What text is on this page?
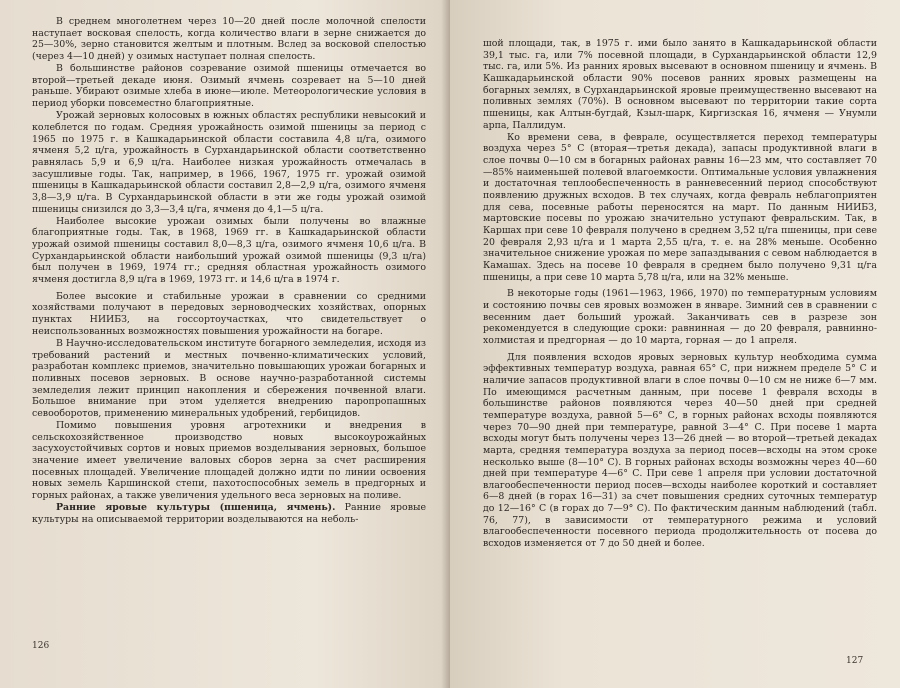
В среднем многолетнем через 10—20 дней после молочной спелости наступает восковая спелость, когда количество влаги в зерне снижается до 25—30%, зерно становится желтым и плотным. Вслед за восковой спелостью (через 4—10 дней) у озимых наступает полная спелость.

В большинстве районов созревание озимой пшеницы отмечается во второй—третьей декаде июня. Озимый ячмень созревает на 5—10 дней раньше. Убирают озимые хлеба в июне—июле. Метеорологические условия в период уборки повсеместно благоприятные.

Урожай зерновых колосовых в южных областях республики невысокий и колеблется по годам. Средняя урожайность озимой пшеницы за период с 1965 по 1975 г. в Кашкадарьинской области составила 4,8 ц/га, озимого ячменя 5,2 ц/га, урожайность в Сурхандарьинской области соответственно равнялась 5,9 и 6,9 ц/га. Наиболее низкая урожайность отмечалась в засушливые годы. Так, например, в 1966, 1967, 1975 гг. урожай озимой пшеницы в Кашкадарьинской области составил 2,8—2,9 ц/га, озимого ячменя 3,8—3,9 ц/га. В Сурхандарьинской области в эти же годы урожай озимой пшеницы снизился до 3,3—3,4 ц/га, ячменя до 4,1—5 ц/га.

Наиболее высокие урожаи озимых были получены во влажные благоприятные годы. Так, в 1968, 1969 гг. в Кашкадарьинской области урожай озимой пшеницы составил 8,0—8,3 ц/га, озимого ячменя 10,6 ц/га. В Сурхандарьинской области наибольший урожай озимой пшеницы (9,3 ц/га) был получен в 1969, 1974 гг.; средняя областная урожайность озимого ячменя достигла 8,9 ц/га в 1969, 1973 гг. и 14,6 ц/га в 1974 г.

Более высокие и стабильные урожаи в сравнении со средними хозяйствами получают в передовых зерноводческих хозяйствах, опорных пунктах НИИБЗ, на госсортоучастках, что свидетельствует о неиспользованных возможностях повышения урожайности на богаре.

В Научно-исследовательском институте богарного земледелия, исходя из требований растений и местных почвенно-климатических условий, разработан комплекс приемов, значительно повышающих урожаи богарных и поливных посевов зерновых. В основе научно-разработанной системы земледелия лежит принцип накопления и сбережения почвенной влаги. Большое внимание при этом уделяется внедрению паропропашных севооборотов, применению минеральных удобрений, гербицидов.

Помимо повышения уровня агротехники и внедрения в сельскохозяйственное производство новых высокоурожайных засухоустойчивых сортов и новых приемов возделывания зерновых, большое значение имеет увеличение валовых сборов зерна за счет расширения посевных площадей. Увеличение площадей должно идти по линии освоения новых земель Каршинской степи, пахотоспособных земель в предгорных и горных районах, а также увеличения удельного веса зерновых на поливе.

Ранние яровые культуры (пшеница, ячмень). Ранние яровые культуры на описываемой территории возделываются на неболь-

126

шой площади, так, в 1975 г. ими было занято в Кашкадарьинской области 39,1 тыс. га, или 7% посевной площади, в Сурхандарьинской области 12,9 тыс. га, или 5%. Из ранних яровых высевают в основном пшеницу и ячмень. В Кашкадарьинской области 90% посевов ранних яровых размещены на богарных землях, в Сурхандарьинской яровые преимущественно высевают на поливных землях (70%). В основном высевают по территории такие сорта пшеницы, как Алтын-бугдай, Кзыл-шарк, Киргизская 16, ячменя — Унумли арпа, Паллидум.

Ко времени сева, в феврале, осуществляется переход температуры воздуха через 5° С (вторая—третья декада), запасы продуктивной влаги в слое почвы 0—10 см в богарных районах равны 16—23 мм, что составляет 70—85% наименьшей полевой влагоемкости. Оптимальные условия увлажнения и достаточная теплообеспеченность в ранневесенний период способствуют появлению дружных всходов. В тех случаях, когда февраль неблагоприятен для сева, посевные работы переносятся на март. По данным НИИБЗ, мартовские посевы по урожаю значительно уступают февральским. Так, в Каршах при севе 10 февраля получено в среднем 3,52 ц/га пшеницы, при севе 20 февраля 2,93 ц/га и 1 марта 2,55 ц/га, т. е. на 28% меньше. Особенно значительное снижение урожая по мере запаздывания с севом наблюдается в Камашах. Здесь на посеве 10 февраля в среднем было получено 9,31 ц/га пшеницы, а при севе 10 марта 5,78 ц/га, или на 32% меньше.

В некоторые годы (1961—1963, 1966, 1970) по температурным условиям и состоянию почвы сев яровых возможен в январе. Зимний сев в сравнении с весенним дает больший урожай. Заканчивать сев в разрезе зон рекомендуется в следующие сроки: равнинная — до 20 февраля, равнинно-холмистая и предгорная — до 10 марта, горная — до 1 апреля.

Для появления всходов яровых зерновых культур необходима сумма эффективных температур воздуха, равная 65° С, при нижнем пределе 5° С и наличие запасов продуктивной влаги в слое почвы 0—10 см не ниже 6—7 мм. По имеющимся расчетным данным, при посеве 1 февраля всходы в большинстве районов появляются через 40—50 дней при средней температуре воздуха, равной 5—6° С, в горных районах всходы появляются через 70—90 дней при температуре, равной 3—4° С. При посеве 1 марта всходы могут быть получены через 13—26 дней — во второй—третьей декадах марта, средняя температура воздуха за период посев—всходы на этом сроке несколько выше (8—10° С). В горных районах всходы возможны через 40—60 дней при температуре 4—6° С. При севе 1 апреля при условии достаточной влагообеспеченности период посев—всходы наиболее короткий и составляет 6—8 дней (в горах 16—31) за счет повышения средних суточных температур до 12—16° С (в горах до 7—9° С). По фактическим данным наблюдений (табл. 76, 77), в зависимости от температурного режима и условий влагообеспеченности посевного периода продолжительность от посева до всходов изменяется от 7 до 50 дней и более.

127
